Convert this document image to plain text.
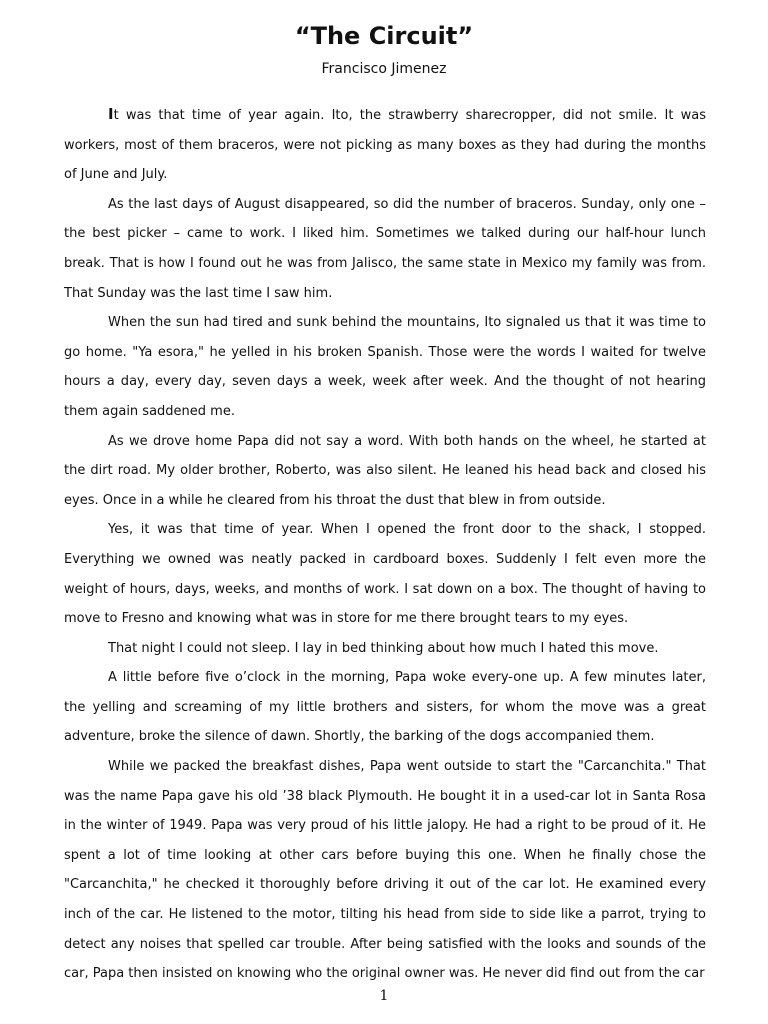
“The Circuit”
Francisco Jimenez

It was that time of year again. Ito, the strawberry sharecropper, did not smile. It was workers, most of them braceros, were not picking as many boxes as they had during the months of June and July.

As the last days of August disappeared, so did the number of braceros. Sunday, only one – the best picker – came to work. I liked him. Sometimes we talked during our half-hour lunch break. That is how I found out he was from Jalisco, the same state in Mexico my family was from. That Sunday was the last time I saw him.

When the sun had tired and sunk behind the mountains, Ito signaled us that it was time to go home. "Ya esora," he yelled in his broken Spanish. Those were the words I waited for twelve hours a day, every day, seven days a week, week after week. And the thought of not hearing them again saddened me.

As we drove home Papa did not say a word. With both hands on the wheel, he started at the dirt road. My older brother, Roberto, was also silent. He leaned his head back and closed his eyes. Once in a while he cleared from his throat the dust that blew in from outside.

Yes, it was that time of year. When I opened the front door to the shack, I stopped. Everything we owned was neatly packed in cardboard boxes. Suddenly I felt even more the weight of hours, days, weeks, and months of work. I sat down on a box. The thought of having to move to Fresno and knowing what was in store for me there brought tears to my eyes.

That night I could not sleep. I lay in bed thinking about how much I hated this move.

A little before five o’clock in the morning, Papa woke every-one up. A few minutes later, the yelling and screaming of my little brothers and sisters, for whom the move was a great adventure, broke the silence of dawn. Shortly, the barking of the dogs accompanied them.

While we packed the breakfast dishes, Papa went outside to start the "Carcanchita." That was the name Papa gave his old ’38 black Plymouth. He bought it in a used-car lot in Santa Rosa in the winter of 1949. Papa was very proud of his little jalopy. He had a right to be proud of it. He spent a lot of time looking at other cars before buying this one. When he finally chose the "Carcanchita," he checked it thoroughly before driving it out of the car lot. He examined every inch of the car. He listened to the motor, tilting his head from side to side like a parrot, trying to detect any noises that spelled car trouble. After being satisfied with the looks and sounds of the car, Papa then insisted on knowing who the original owner was. He never did find out from the car

1
